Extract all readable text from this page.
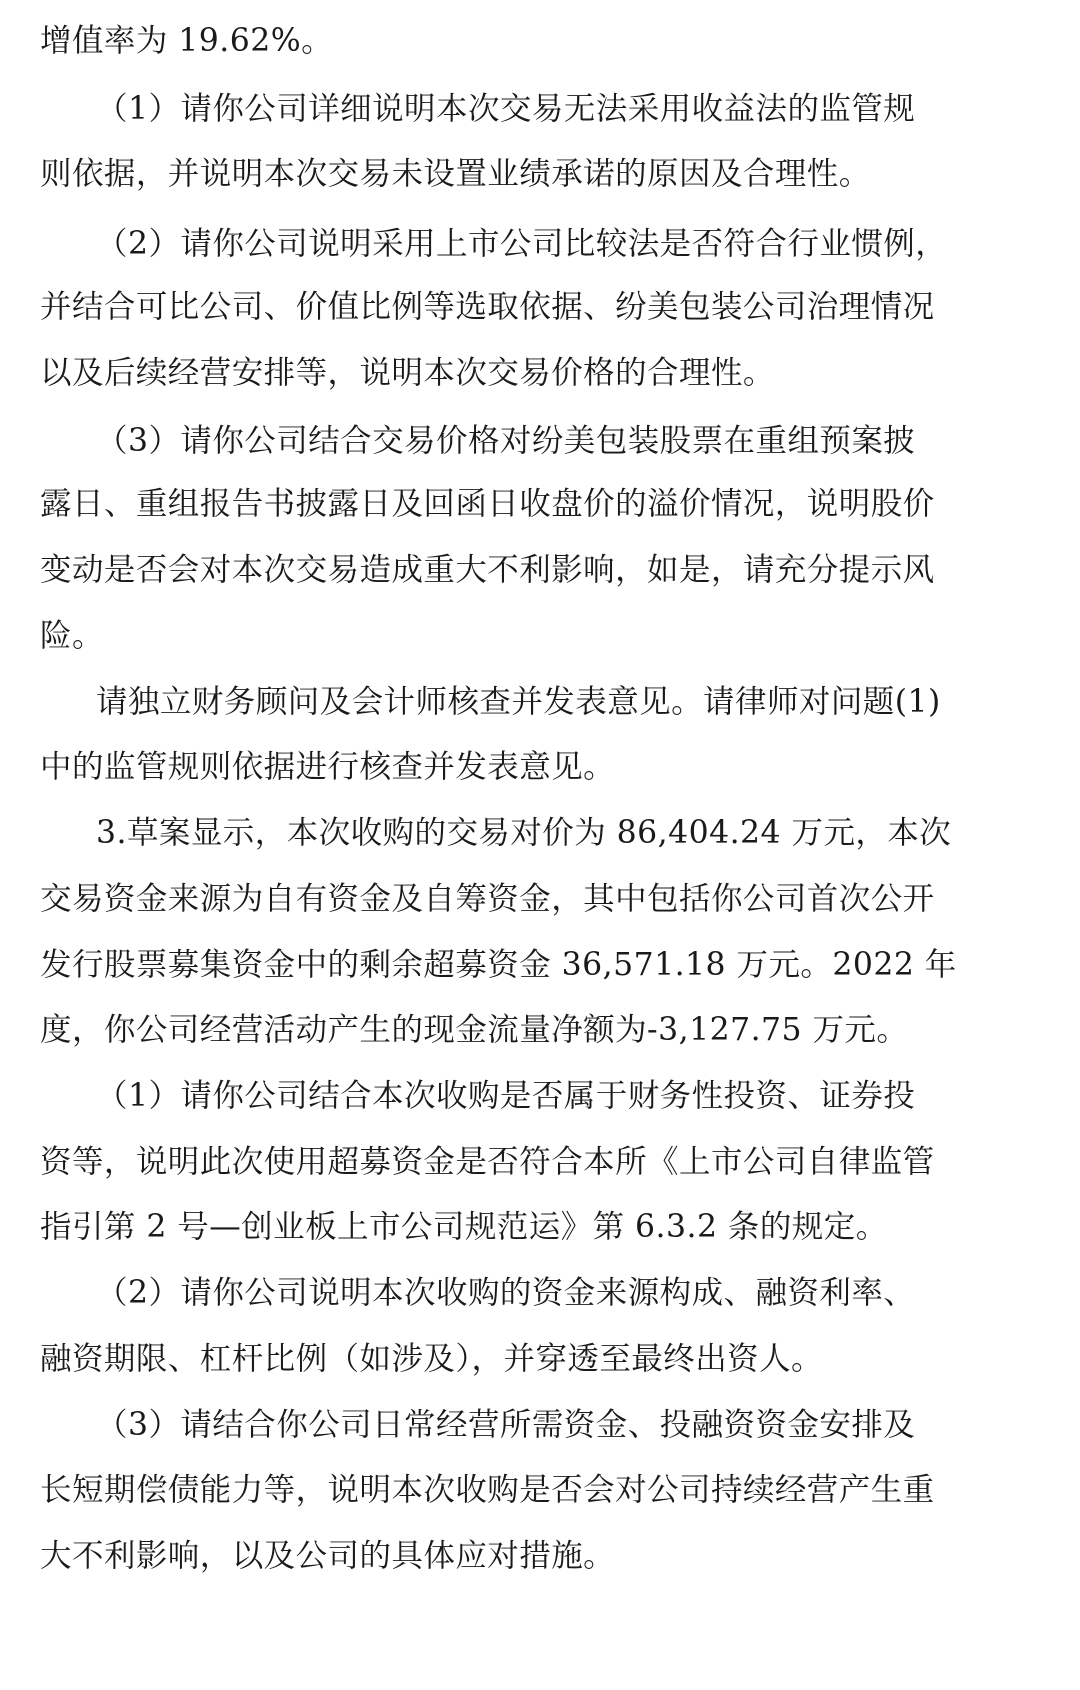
增值率为 19.62%。
（1）请你公司详细说明本次交易无法采用收益法的监管规
则依据，并说明本次交易未设置业绩承诺的原因及合理性。
（2）请你公司说明采用上市公司比较法是否符合行业惯例，
并结合可比公司、价值比例等选取依据、纷美包装公司治理情况
以及后续经营安排等，说明本次交易价格的合理性。
（3）请你公司结合交易价格对纷美包装股票在重组预案披
露日、重组报告书披露日及回函日收盘价的溢价情况，说明股价
变动是否会对本次交易造成重大不利影响，如是，请充分提示风
险。
请独立财务顾问及会计师核查并发表意见。请律师对问题(1)
中的监管规则依据进行核查并发表意见。
3.草案显示，本次收购的交易对价为 86,404.24 万元，本次
交易资金来源为自有资金及自筹资金，其中包括你公司首次公开
发行股票募集资金中的剩余超募资金 36,571.18 万元。2022 年
度，你公司经营活动产生的现金流量净额为-3,127.75 万元。
（1）请你公司结合本次收购是否属于财务性投资、证券投
资等，说明此次使用超募资金是否符合本所《上市公司自律监管
指引第 2 号—创业板上市公司规范运》第 6.3.2 条的规定。
（2）请你公司说明本次收购的资金来源构成、融资利率、
融资期限、杠杆比例（如涉及），并穿透至最终出资人。
（3）请结合你公司日常经营所需资金、投融资资金安排及
长短期偿债能力等，说明本次收购是否会对公司持续经营产生重
大不利影响，以及公司的具体应对措施。
